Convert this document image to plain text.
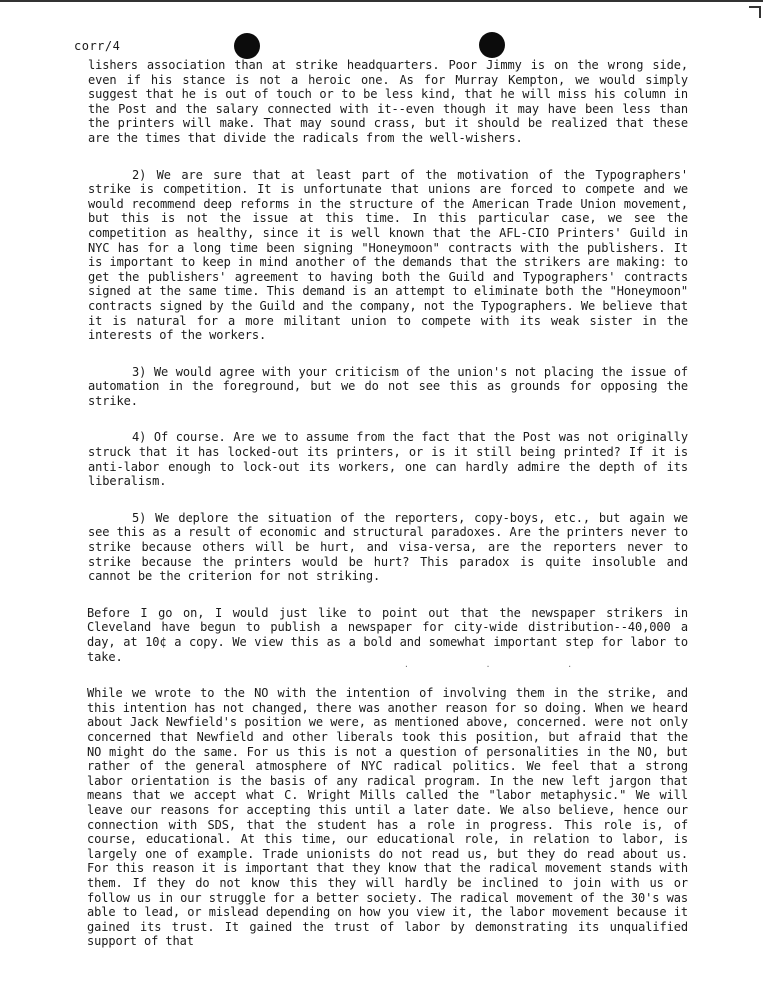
corr/4

lishers association than at strike headquarters. Poor Jimmy is on the wrong side, even if his stance is not a heroic one. As for Murray Kempton, we would simply suggest that he is out of touch or to be less kind, that he will miss his column in the Post and the salary connected with it--even though it may have been less than the printers will make. That may sound crass, but it should be realized that these are the times that divide the radicals from the well-wishers.

2) We are sure that at least part of the motivation of the Typographers' strike is competition. It is unfortunate that unions are forced to compete and we would recommend deep reforms in the structure of the American Trade Union movement, but this is not the issue at this time. In this particular case, we see the competition as healthy, since it is well known that the AFL-CIO Printers' Guild in NYC has for a long time been signing "Honeymoon" contracts with the publishers. It is important to keep in mind another of the demands that the strikers are making: to get the publishers' agreement to having both the Guild and Typographers' contracts signed at the same time. This demand is an attempt to eliminate both the "Honeymoon" contracts signed by the Guild and the company, not the Typographers. We believe that it is natural for a more militant union to compete with its weak sister in the interests of the workers.

3) We would agree with your criticism of the union's not placing the issue of automation in the foreground, but we do not see this as grounds for opposing the strike.

4) Of course. Are we to assume from the fact that the Post was not originally struck that it has locked-out its printers, or is it still being printed? If it is anti-labor enough to lock-out its workers, one can hardly admire the depth of its liberalism.

5) We deplore the situation of the reporters, copy-boys, etc., but again we see this as a result of economic and structural paradoxes. Are the printers never to strike because others will be hurt, and visa-versa, are the reporters never to strike because the printers would be hurt? This paradox is quite insoluble and cannot be the criterion for not striking.

Before I go on, I would just like to point out that the newspaper strikers in Cleveland have begun to publish a newspaper for city-wide distribution--40,000 a day, at 10¢ a copy. We view this as a bold and somewhat important step for labor to take.

While we wrote to the NO with the intention of involving them in the strike, and this intention has not changed, there was another reason for so doing. When we heard about Jack Newfield's position we were, as mentioned above, concerned. were not only concerned that Newfield and other liberals took this position, but afraid that the NO might do the same. For us this is not a question of personalities in the NO, but rather of the general atmosphere of NYC radical politics. We feel that a strong labor orientation is the basis of any radical program. In the new left jargon that means that we accept what C. Wright Mills called the "labor metaphysic." We will leave our reasons for accepting this until a later date. We also believe, hence our connection with SDS, that the student has a role in progress. This role is, of course, educational. At this time, our educational role, in relation to labor, is largely one of example. Trade unionists do not read us, but they do read about us. For this reason it is important that they know that the radical movement stands with them. If they do not know this they will hardly be inclined to join with us or follow us in our struggle for a better society. The radical movement of the 30's was able to lead, or mislead depending on how you view it, the labor movement because it gained its trust. It gained the trust of labor by demonstrating its unqualified support of that

. . .
